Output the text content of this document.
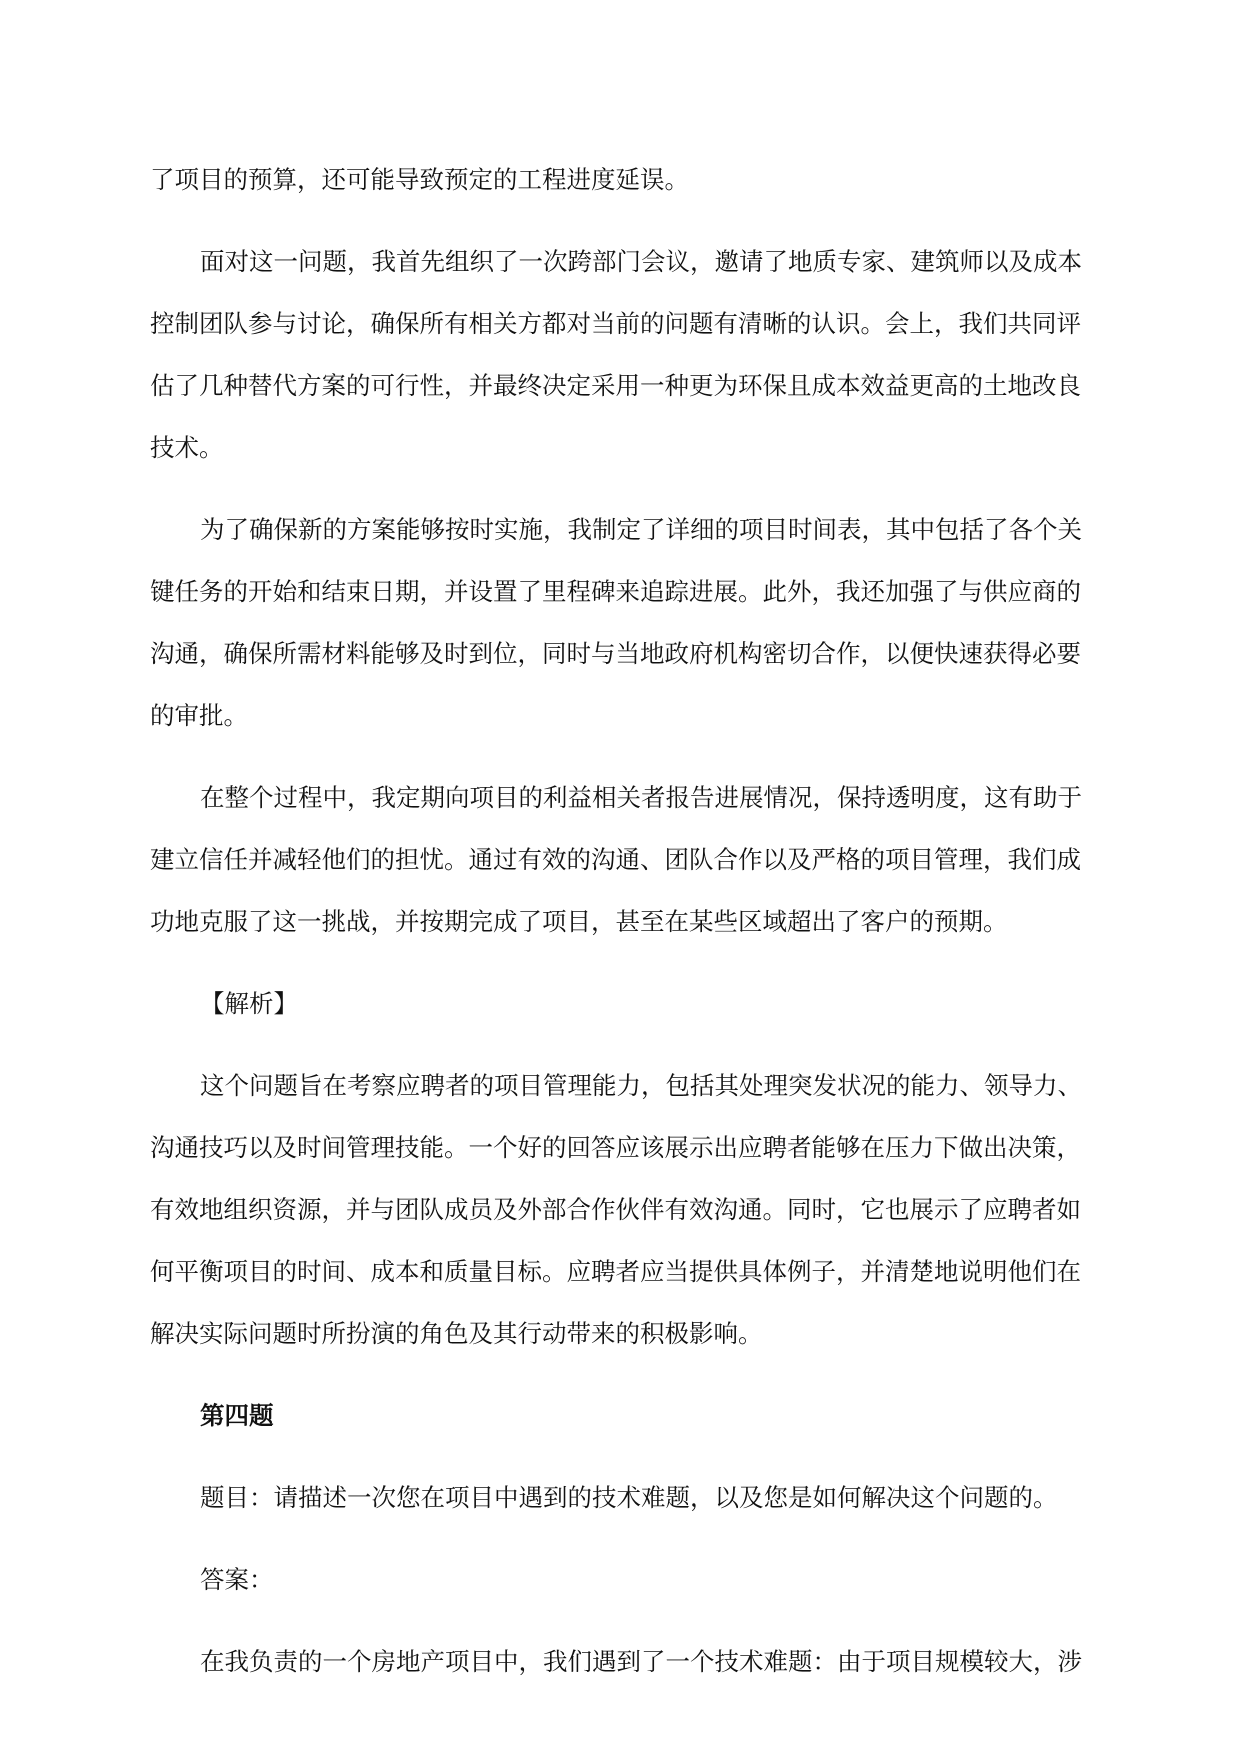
了项目的预算，还可能导致预定的工程进度延误。
面对这一问题，我首先组织了一次跨部门会议，邀请了地质专家、建筑师以及成本
控制团队参与讨论，确保所有相关方都对当前的问题有清晰的认识。会上，我们共同评
估了几种替代方案的可行性，并最终决定采用一种更为环保且成本效益更高的土地改良
技术。
为了确保新的方案能够按时实施，我制定了详细的项目时间表，其中包括了各个关
键任务的开始和结束日期，并设置了里程碑来追踪进展。此外，我还加强了与供应商的
沟通，确保所需材料能够及时到位，同时与当地政府机构密切合作，以便快速获得必要
的审批。
在整个过程中，我定期向项目的利益相关者报告进展情况，保持透明度，这有助于
建立信任并减轻他们的担忧。通过有效的沟通、团队合作以及严格的项目管理，我们成
功地克服了这一挑战，并按期完成了项目，甚至在某些区域超出了客户的预期。
【解析】
这个问题旨在考察应聘者的项目管理能力，包括其处理突发状况的能力、领导力、
沟通技巧以及时间管理技能。一个好的回答应该展示出应聘者能够在压力下做出决策，
有效地组织资源，并与团队成员及外部合作伙伴有效沟通。同时，它也展示了应聘者如
何平衡项目的时间、成本和质量目标。应聘者应当提供具体例子，并清楚地说明他们在
解决实际问题时所扮演的角色及其行动带来的积极影响。
第四题
题目：请描述一次您在项目中遇到的技术难题，以及您是如何解决这个问题的。
答案：
在我负责的一个房地产项目中，我们遇到了一个技术难题：由于项目规模较大，涉
